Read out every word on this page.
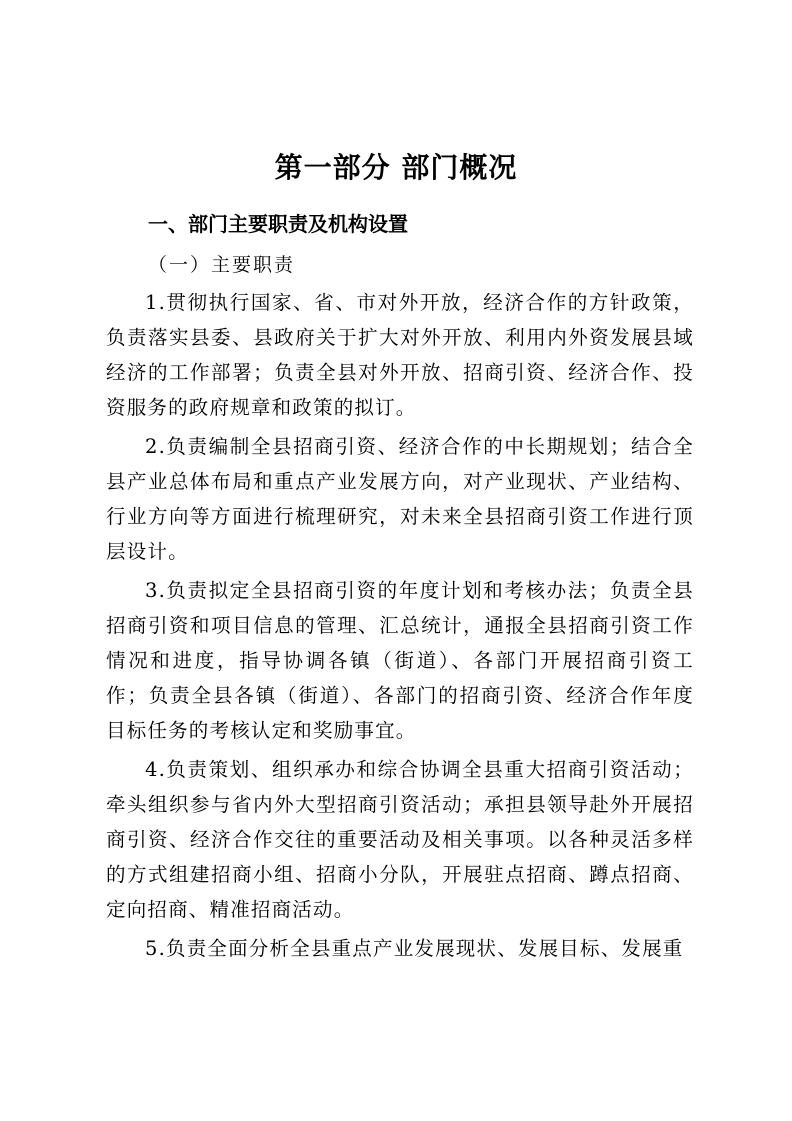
第一部分 部门概况
一、部门主要职责及机构设置
（一）主要职责

1.贯彻执行国家、省、市对外开放，经济合作的方针政策，负责落实县委、县政府关于扩大对外开放、利用内外资发展县域经济的工作部署；负责全县对外开放、招商引资、经济合作、投资服务的政府规章和政策的拟订。

2.负责编制全县招商引资、经济合作的中长期规划；结合全县产业总体布局和重点产业发展方向，对产业现状、产业结构、行业方向等方面进行梳理研究，对未来全县招商引资工作进行顶层设计。

3.负责拟定全县招商引资的年度计划和考核办法；负责全县招商引资和项目信息的管理、汇总统计，通报全县招商引资工作情况和进度，指导协调各镇（街道）、各部门开展招商引资工作；负责全县各镇（街道）、各部门的招商引资、经济合作年度目标任务的考核认定和奖励事宜。

4.负责策划、组织承办和综合协调全县重大招商引资活动；牵头组织参与省内外大型招商引资活动；承担县领导赴外开展招商引资、经济合作交往的重要活动及相关事项。以各种灵活多样的方式组建招商小组、招商小分队，开展驻点招商、蹲点招商、定向招商、精准招商活动。

5.负责全面分析全县重点产业发展现状、发展目标、发展重
